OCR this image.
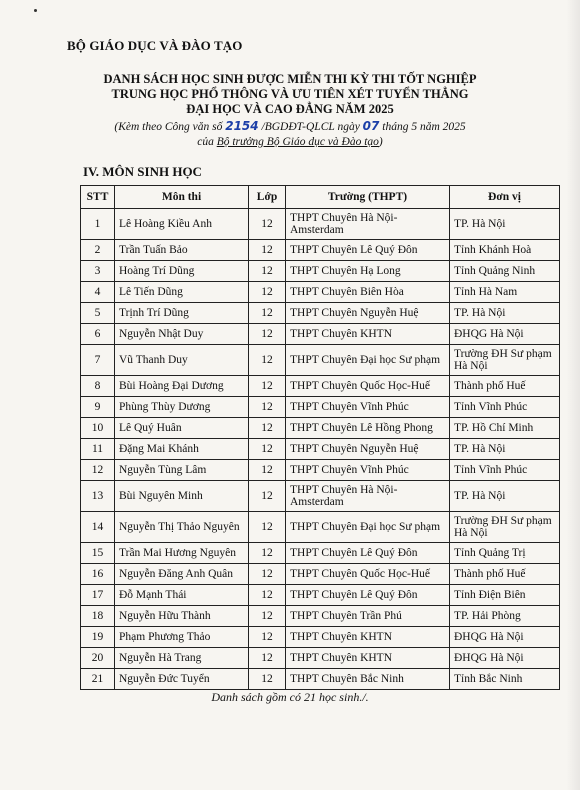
BỘ GIÁO DỤC VÀ ĐÀO TẠO
DANH SÁCH HỌC SINH ĐƯỢC MIỄN THI KỲ THI TỐT NGHIỆP
TRUNG HỌC PHỔ THÔNG VÀ ƯU TIÊN XÉT TUYỂN THẲNG
ĐẠI HỌC VÀ CAO ĐẲNG NĂM 2025
(Kèm theo Công văn số 2154 /BGDĐT-QLCL ngày 07 tháng 5 năm 2025
của Bộ trưởng Bộ Giáo dục và Đào tạo)
IV. MÔN SINH HỌC
STT	Môn thi	Lớp	Trường (THPT)	Đơn vị
1	Lê Hoàng Kiều Anh	12	THPT Chuyên Hà Nội-Amsterdam	TP. Hà Nội
2	Trần Tuấn Bảo	12	THPT Chuyên Lê Quý Đôn	Tỉnh Khánh Hoà
3	Hoàng Trí Dũng	12	THPT Chuyên Hạ Long	Tỉnh Quảng Ninh
4	Lê Tiến Dũng	12	THPT Chuyên Biên Hòa	Tỉnh Hà Nam
5	Trịnh Trí Dũng	12	THPT Chuyên Nguyễn Huệ	TP. Hà Nội
6	Nguyễn Nhật Duy	12	THPT Chuyên KHTN	ĐHQG Hà Nội
7	Vũ Thanh Duy	12	THPT Chuyên Đại học Sư phạm	Trường ĐH Sư phạm Hà Nội
8	Bùi Hoàng Đại Dương	12	THPT Chuyên Quốc Học-Huế	Thành phố Huế
9	Phùng Thùy Dương	12	THPT Chuyên Vĩnh Phúc	Tỉnh Vĩnh Phúc
10	Lê Quý Huân	12	THPT Chuyên Lê Hồng Phong	TP. Hồ Chí Minh
11	Đặng Mai Khánh	12	THPT Chuyên Nguyễn Huệ	TP. Hà Nội
12	Nguyễn Tùng Lâm	12	THPT Chuyên Vĩnh Phúc	Tỉnh Vĩnh Phúc
13	Bùi Nguyên Minh	12	THPT Chuyên Hà Nội-Amsterdam	TP. Hà Nội
14	Nguyễn Thị Thảo Nguyên	12	THPT Chuyên Đại học Sư phạm	Trường ĐH Sư phạm Hà Nội
15	Trần Mai Hương Nguyên	12	THPT Chuyên Lê Quý Đôn	Tỉnh Quảng Trị
16	Nguyễn Đăng Anh Quân	12	THPT Chuyên Quốc Học-Huế	Thành phố Huế
17	Đỗ Mạnh Thái	12	THPT Chuyên Lê Quý Đôn	Tỉnh Điện Biên
18	Nguyễn Hữu Thành	12	THPT Chuyên Trần Phú	TP. Hải Phòng
19	Phạm Phương Thảo	12	THPT Chuyên KHTN	ĐHQG Hà Nội
20	Nguyễn Hà Trang	12	THPT Chuyên KHTN	ĐHQG Hà Nội
21	Nguyễn Đức Tuyển	12	THPT Chuyên Bắc Ninh	Tỉnh Bắc Ninh
Danh sách gồm có 21 học sinh./.
